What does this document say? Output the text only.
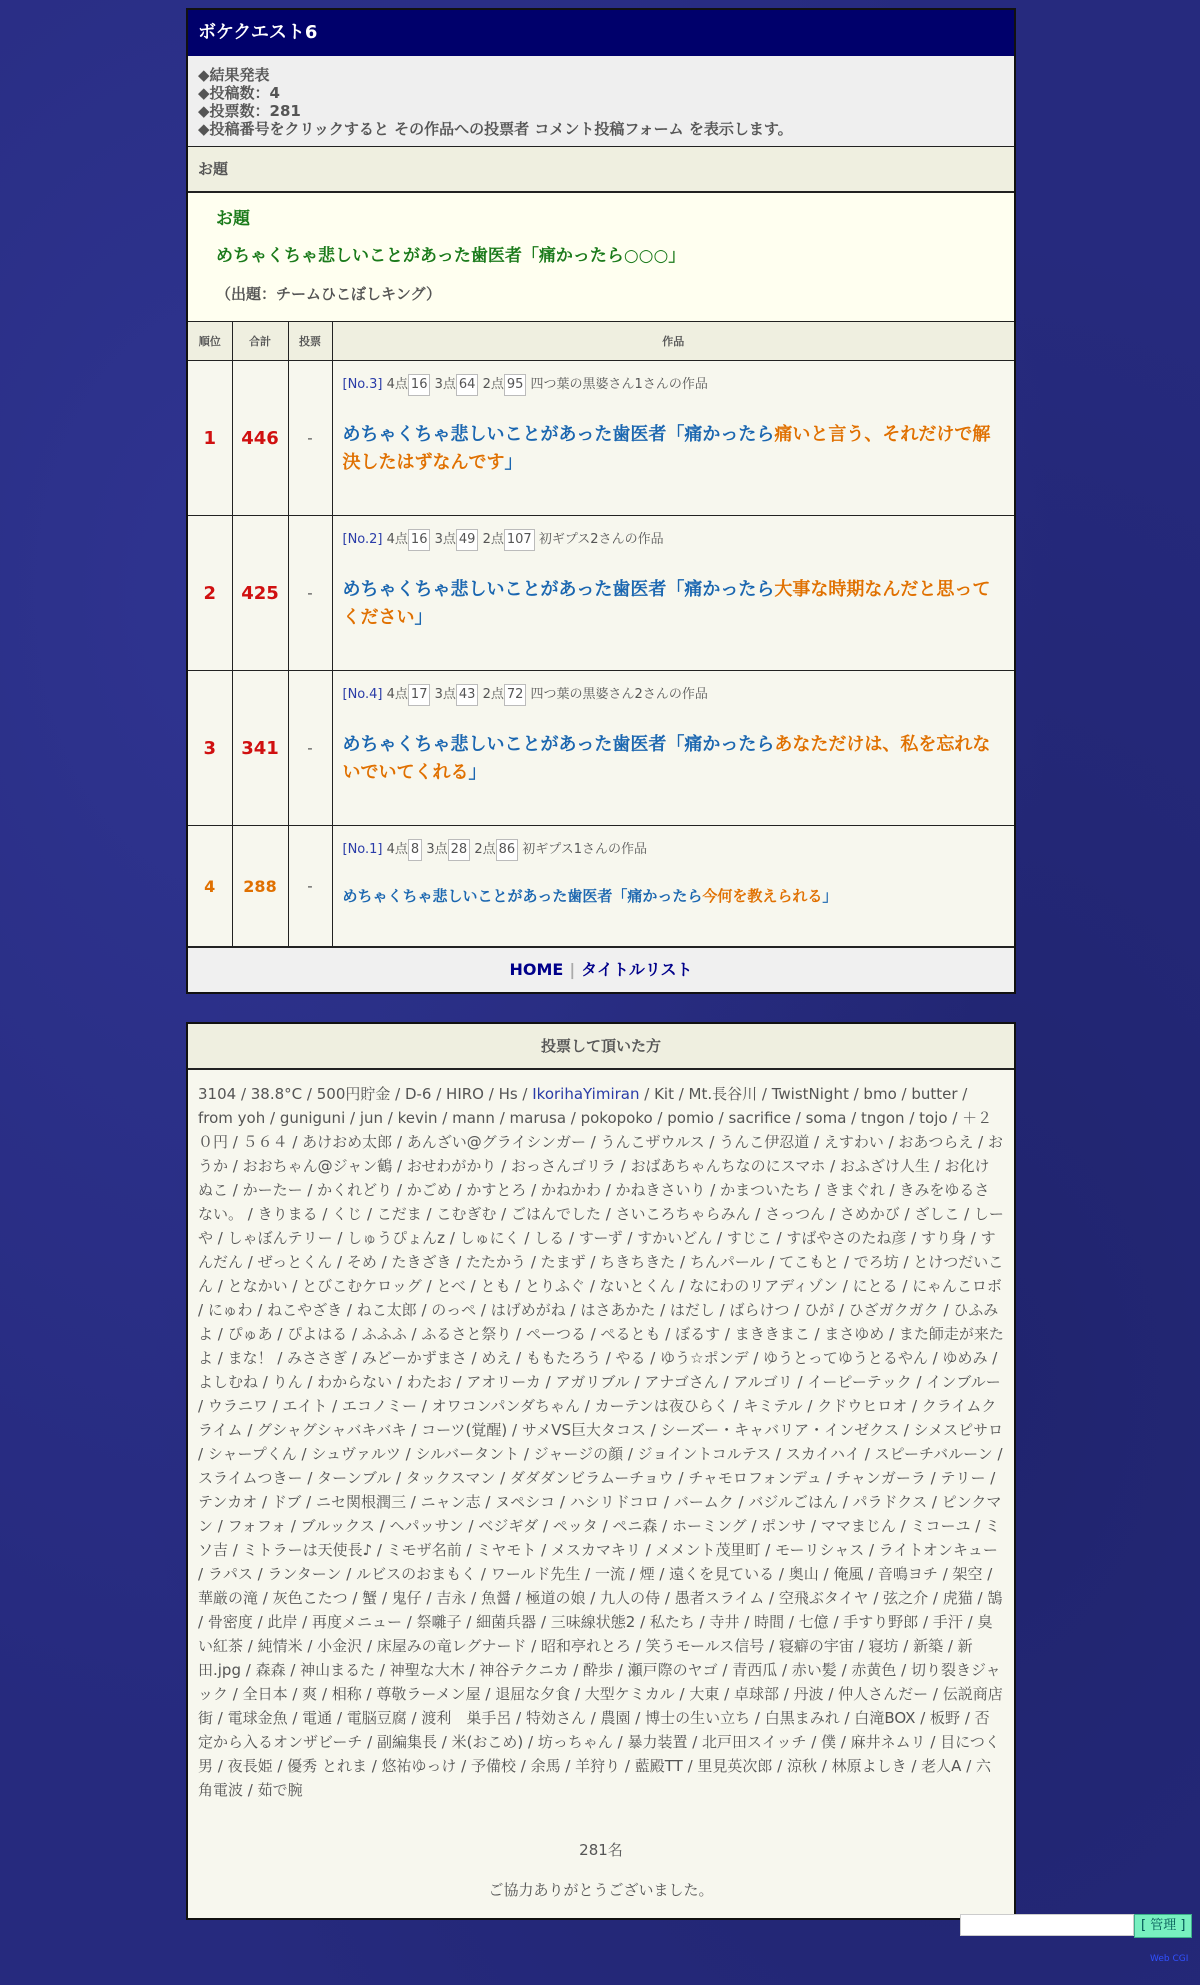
ボケクエスト6
◆結果発表
◆投稿数：4
◆投票数：281
◆投稿番号をクリックすると その作品への投票者 コメント投稿フォーム を表示します。
お題
お題
めちゃくちゃ悲しいことがあった歯医者「痛かったら○○○」
（出題：チームひこぼしキング）
順位	合計	投票	作品
1	446	-	[No.3] 4点 16 3点 64 2点 95 四つ葉の黒婆さん1さんの作品
めちゃくちゃ悲しいことがあった歯医者「痛かったら痛いと言う、それだけで解決したはずなんです」

2	425	-	[No.2] 4点 16 3点 49 2点 107 初ギプス2さんの作品
めちゃくちゃ悲しいことがあった歯医者「痛かったら大事な時期なんだと思ってください」

3	341	-	[No.4] 4点 17 3点 43 2点 72 四つ葉の黒婆さん2さんの作品
めちゃくちゃ悲しいことがあった歯医者「痛かったらあなただけは、私を忘れないでいてくれる」

4	288	-	[No.1] 4点 8 3点 28 2点 86 初ギプス1さんの作品
めちゃくちゃ悲しいことがあった歯医者「痛かったら今何を教えられる」
HOME | タイトルリスト
投票して頂いた方
3104 / 38.8°C / 500円貯金 / D-6 / HIRO / Hs / IkorihaYimiran / Kit / Mt.長谷川 / TwistNight / bmo / butter / from yoh / guniguni / jun / kevin / mann / marusa / pokopoko / pomio / sacrifice / soma / tngon / tojo / ＋２０円 / ５６４ / あけおめ太郎 / あんざい@グライシンガー / うんこザウルス / うんこ伊忍道 / えすわい / おあつらえ / おうか / おおちゃん@ジャン鶴 / おせわがかり / おっさんゴリラ / おばあちゃんちなのにスマホ / おふざけ人生 / お化けぬこ / かーたー / かくれどり / かごめ / かすとろ / かねかわ / かねきさいり / かまついたち / きまぐれ / きみをゆるさない。 / きりまる / くじ / こだま / こむぎむ / ごはんでした / さいころちゃらみん / さっつん / さめかび / ざしこ / しーや / しゃぼんテリー / しゅうぴょんz / しゅにく / しる / すーず / すかいどん / すじこ / すばやさのたね彦 / すり身 / すんだん / ぜっとくん / そめ / たきざき / たたかう / たまず / ちきちきた / ちんパール / てこもと / でろ坊 / とけつだいこん / となかい / とびこむケロッグ / とべ / とも / とりふぐ / ないとくん / なにわのリアディゾン / にとる / にゃんこロボ / にゅわ / ねこやざき / ねこ太郎 / のっぺ / はげめがね / はさあかた / はだし / ばらけつ / ひが / ひざガクガク / ひふみよ / ぴゅあ / ぴよはる / ふふふ / ふるさと祭り / ぺーつる / ぺるとも / ぼるす / まききまこ / まさゆめ / また師走が来たよ / まな！ / みささぎ / みどーかずまさ / めえ / ももたろう / やる / ゆう☆ポンデ / ゆうとってゆうとるやん / ゆめみ / よしむね / りん / わからない / わたお / アオリーカ / アガリブル / アナゴさん / アルゴリ / イーピーテック / インブルー / ウラニワ / エイト / エコノミー / オワコンパンダちゃん / カーテンは夜ひらく / キミテル / クドウヒロオ / クライムクライム / グシャグシャバキバキ / コーツ(覚醒) / サメVS巨大タコス / シーズー・キャバリア・インゼクス / シメスピサロ / シャープくん / シュヴァルツ / シルバータント / ジャージの顔 / ジョイントコルテス / スカイハイ / スピーチバルーン / スライムつきー / ターンブル / タックスマン / ダダダンビラムーチョウ / チャモロフォンデュ / チャンガーラ / テリー / テンカオ / ドブ / ニセ関根潤三 / ニャン志 / ヌペシコ / ハシリドコロ / バームク / バジルごはん / パラドクス / ピンクマン / フォフォ / ブルックス / ヘパッサン / ベジギダ / ペッタ / ペニ森 / ホーミング / ポンサ / ママまじん / ミコーユ / ミソ吉 / ミトラーは天使長♪ / ミモザ名前 / ミヤモト / メスカマキリ / メメント茂里町 / モーリシャス / ライトオンキュー / ラパス / ランターン / ルビスのおまもく / ワールド先生 / 一流 / 煙 / 遠くを見ている / 奥山 / 俺風 / 音鳴ヨチ / 架空 / 華厳の滝 / 灰色こたつ / 蟹 / 鬼仔 / 吉永 / 魚醤 / 極道の娘 / 九人の侍 / 愚者スライム / 空飛ぶタイヤ / 弦之介 / 虎猫 / 鵠 / 骨密度 / 此岸 / 再度メニュー / 祭囃子 / 細菌兵器 / 三味線状態2 / 私たち / 寺井 / 時間 / 七億 / 手すり野郎 / 手汗 / 臭い紅茶 / 純情米 / 小金沢 / 床屋みの竜レグナード / 昭和亭れとろ / 笑うモールス信号 / 寝癖の宇宙 / 寝坊 / 新築 / 新田.jpg / 森森 / 神山まるた / 神聖な大木 / 神谷テクニカ / 酔歩 / 瀬戸際のヤゴ / 青西瓜 / 赤い髪 / 赤黄色 / 切り裂きジャック / 全日本 / 爽 / 相称 / 尊敬ラーメン屋 / 退屈な夕食 / 大型ケミカル / 大東 / 卓球部 / 丹波 / 仲人さんだー / 伝説商店街 / 電球金魚 / 電通 / 電脳豆腐 / 渡利　巣手呂 / 特効さん / 農園 / 博士の生い立ち / 白黒まみれ / 白滝BOX / 板野 / 否定から入るオンザビーチ / 副編集長 / 米(おこめ) / 坊っちゃん / 暴力装置 / 北戸田スイッチ / 僕 / 麻井ネムリ / 目につく男 / 夜長姫 / 優秀 とれま / 悠祐ゆっけ / 予備校 / 余馬 / 羊狩り / 藍殿TT / 里見英次郎 / 涼秋 / 林原よしき / 老人A / 六角電波 / 茹で腕
281名
ご協力ありがとうございました。
[ 管理 ]
Web CGI
